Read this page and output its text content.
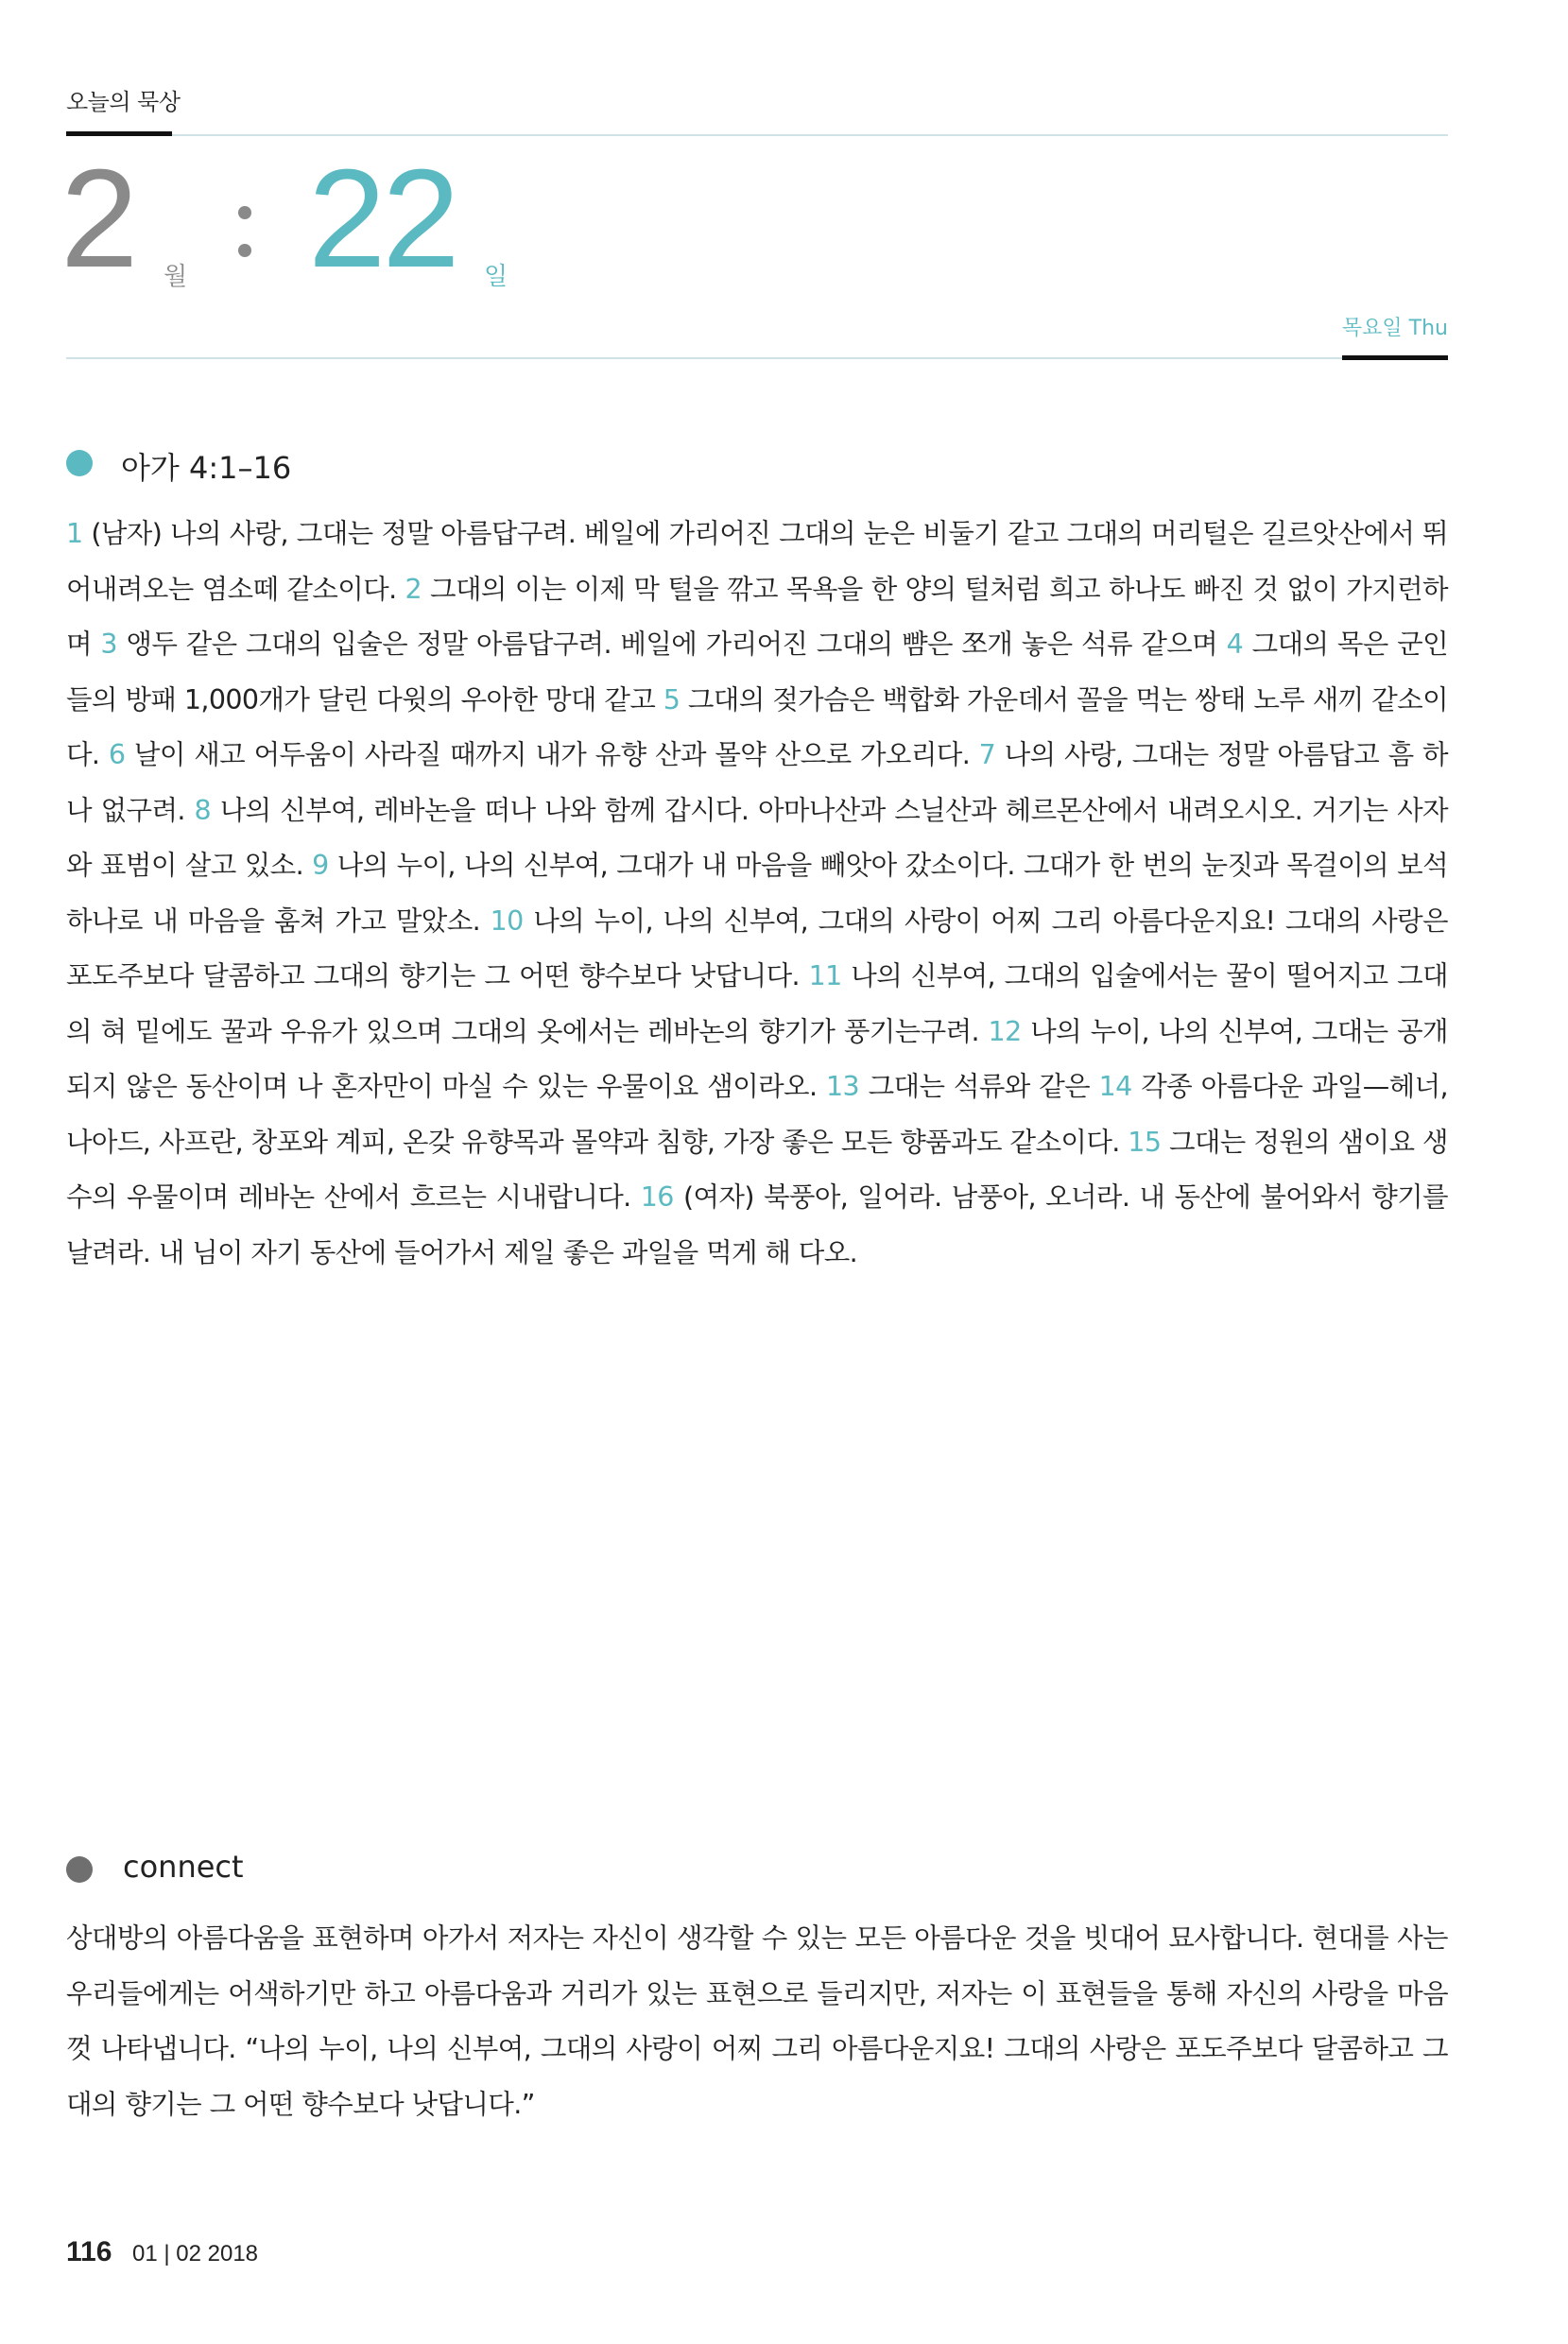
오늘의 묵상
2 월 22 일
목요일 Thu
아가 4:1–16

1 (남자) 나의 사랑, 그대는 정말 아름답구려. 베일에 가리어진 그대의 눈은 비둘기 같고 그대의 머리털은 길르앗산에서 뛰어내려오는 염소떼 같소이다. 2 그대의 이는 이제 막 털을 깎고 목욕을 한 양의 털처럼 희고 하나도 빠진 것 없이 가지런하며 3 앵두 같은 그대의 입술은 정말 아름답구려. 베일에 가리어진 그대의 뺨은 쪼개 놓은 석류 같으며 4 그대의 목은 군인들의 방패 1,000개가 달린 다윗의 우아한 망대 같고 5 그대의 젖가슴은 백합화 가운데서 꼴을 먹는 쌍태 노루 새끼 같소이다. 6 날이 새고 어두움이 사라질 때까지 내가 유향 산과 몰약 산으로 가오리다. 7 나의 사랑, 그대는 정말 아름답고 흠 하나 없구려. 8 나의 신부여, 레바논을 떠나 나와 함께 갑시다. 아마나산과 스닐산과 헤르몬산에서 내려오시오. 거기는 사자와 표범이 살고 있소. 9 나의 누이, 나의 신부여, 그대가 내 마음을 빼앗아 갔소이다. 그대가 한 번의 눈짓과 목걸이의 보석 하나로 내 마음을 훔쳐 가고 말았소. 10 나의 누이, 나의 신부여, 그대의 사랑이 어찌 그리 아름다운지요! 그대의 사랑은 포도주보다 달콤하고 그대의 향기는 그 어떤 향수보다 낫답니다. 11 나의 신부여, 그대의 입술에서는 꿀이 떨어지고 그대의 혀 밑에도 꿀과 우유가 있으며 그대의 옷에서는 레바논의 향기가 풍기는구려. 12 나의 누이, 나의 신부여, 그대는 공개되지 않은 동산이며 나 혼자만이 마실 수 있는 우물이요 샘이라오. 13 그대는 석류와 같은 14 각종 아름다운 과일—헤너, 나아드, 사프란, 창포와 계피, 온갖 유향목과 몰약과 침향, 가장 좋은 모든 향품과도 같소이다. 15 그대는 정원의 샘이요 생수의 우물이며 레바논 산에서 흐르는 시내랍니다. 16 (여자) 북풍아, 일어라. 남풍아, 오너라. 내 동산에 불어와서 향기를 날려라. 내 님이 자기 동산에 들어가서 제일 좋은 과일을 먹게 해 다오.

connect

상대방의 아름다움을 표현하며 아가서 저자는 자신이 생각할 수 있는 모든 아름다운 것을 빗대어 묘사합니다. 현대를 사는 우리들에게는 어색하기만 하고 아름다움과 거리가 있는 표현으로 들리지만, 저자는 이 표현들을 통해 자신의 사랑을 마음껏 나타냅니다. “나의 누이, 나의 신부여, 그대의 사랑이 어찌 그리 아름다운지요! 그대의 사랑은 포도주보다 달콤하고 그대의 향기는 그 어떤 향수보다 낫답니다.”

116 01 | 02 2018
